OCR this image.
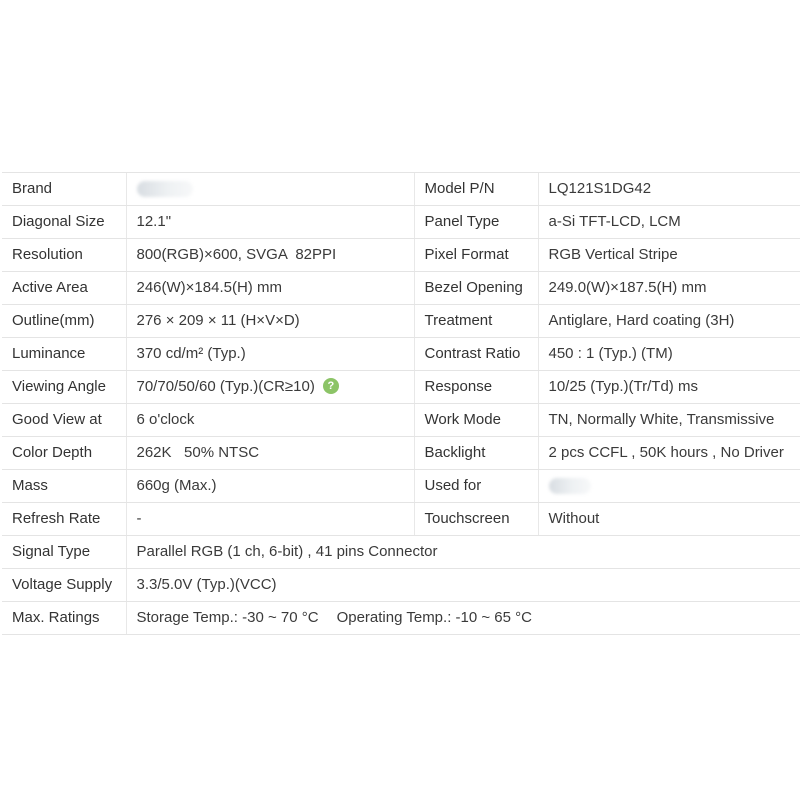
Brand		Model P/N	LQ121S1DG42
Diagonal Size	12.1"	Panel Type	a-Si TFT-LCD, LCM
Resolution	800(RGB)×600, SVGA  82PPI	Pixel Format	RGB Vertical Stripe
Active Area	246(W)×184.5(H) mm	Bezel Opening	249.0(W)×187.5(H) mm
Outline(mm)	276 × 209 × 11 (H×V×D)	Treatment	Antiglare, Hard coating (3H)
Luminance	370 cd/m² (Typ.)	Contrast Ratio	450 : 1 (Typ.) (TM)
Viewing Angle	70/70/50/60 (Typ.)(CR≥10) ?	Response	10/25 (Typ.)(Tr/Td) ms
Good View at	6 o'clock	Work Mode	TN, Normally White, Transmissive
Color Depth	262K   50% NTSC	Backlight	2 pcs CCFL , 50K hours , No Driver
Mass	660g (Max.)	Used for	
Refresh Rate	-	Touchscreen	Without
Signal Type	Parallel RGB (1 ch, 6-bit) , 41 pins Connector		
Voltage Supply	3.3/5.0V (Typ.)(VCC)		
Max. Ratings	Storage Temp.: -30 ~ 70 °C Operating Temp.: -10 ~ 65 °C		
